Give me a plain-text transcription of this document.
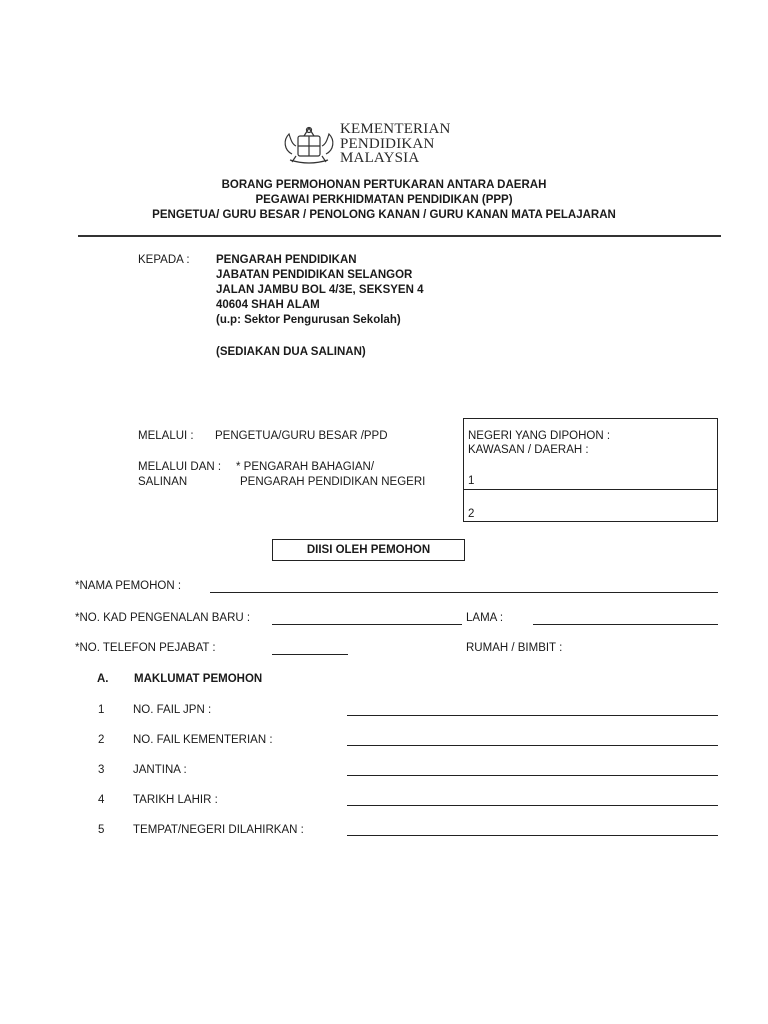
KEMENTERIAN
PENDIDIKAN
MALAYSIA
BORANG PERMOHONAN PERTUKARAN ANTARA DAERAH
PEGAWAI PERKHIDMATAN PENDIDIKAN (PPP)
PENGETUA/ GURU BESAR / PENOLONG KANAN / GURU KANAN MATA PELAJARAN
KEPADA : PENGARAH PENDIDIKAN
JABATAN PENDIDIKAN SELANGOR
JALAN JAMBU BOL 4/3E, SEKSYEN 4
40604 SHAH ALAM
(u.p: Sektor Pengurusan Sekolah)
(SEDIAKAN DUA SALINAN)
MELALUI : PENGETUA/GURU BESAR /PPD
MELALUI DAN : * PENGARAH BAHAGIAN/
SALINAN	PENGARAH PENDIDIKAN NEGERI
NEGERI YANG DIPOHON :
KAWASAN / DAERAH :
1
2
DIISI OLEH PEMOHON
*NAMA PEMOHON :
*NO. KAD PENGENALAN BARU :	LAMA :
*NO. TELEFON PEJABAT :	RUMAH / BIMBIT :
A. MAKLUMAT PEMOHON
1 NO. FAIL JPN :
2 NO. FAIL KEMENTERIAN :
3 JANTINA :
4 TARIKH LAHIR :
5 TEMPAT/NEGERI DILAHIRKAN :
